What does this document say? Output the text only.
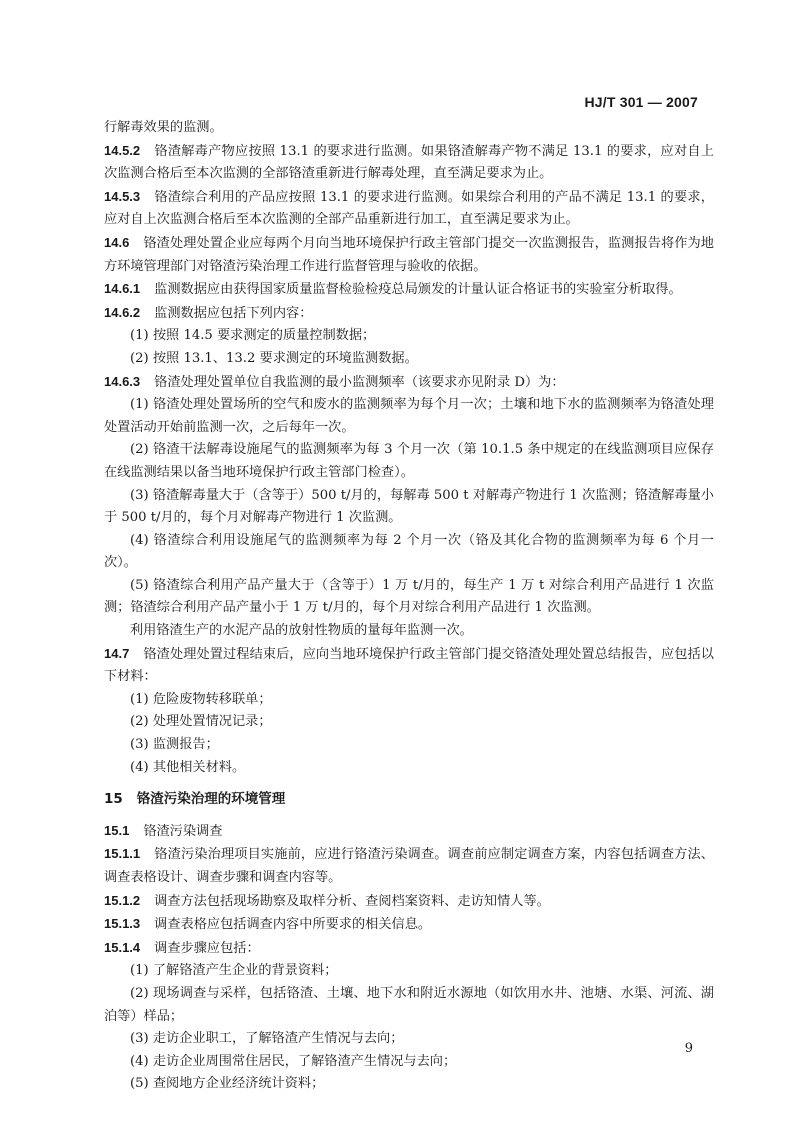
HJ/T 301 — 2007

行解毒效果的监测。

14.5.2 铬渣解毒产物应按照 13.1 的要求进行监测。如果铬渣解毒产物不满足 13.1 的要求，应对自上次监测合格后至本次监测的全部铬渣重新进行解毒处理，直至满足要求为止。

14.5.3 铬渣综合利用的产品应按照 13.1 的要求进行监测。如果综合利用的产品不满足 13.1 的要求，应对自上次监测合格后至本次监测的全部产品重新进行加工，直至满足要求为止。

14.6 铬渣处理处置企业应每两个月向当地环境保护行政主管部门提交一次监测报告，监测报告将作为地方环境管理部门对铬渣污染治理工作进行监督管理与验收的依据。

14.6.1 监测数据应由获得国家质量监督检验检疫总局颁发的计量认证合格证书的实验室分析取得。

14.6.2 监测数据应包括下列内容：

(1) 按照 14.5 要求测定的质量控制数据；

(2) 按照 13.1、13.2 要求测定的环境监测数据。

14.6.3 铬渣处理处置单位自我监测的最小监测频率（该要求亦见附录 D）为：

(1) 铬渣处理处置场所的空气和废水的监测频率为每个月一次；土壤和地下水的监测频率为铬渣处理处置活动开始前监测一次，之后每年一次。

(2) 铬渣干法解毒设施尾气的监测频率为每 3 个月一次（第 10.1.5 条中规定的在线监测项目应保存在线监测结果以备当地环境保护行政主管部门检查）。

(3) 铬渣解毒量大于（含等于）500 t/月的，每解毒 500 t 对解毒产物进行 1 次监测；铬渣解毒量小于 500 t/月的，每个月对解毒产物进行 1 次监测。

(4) 铬渣综合利用设施尾气的监测频率为每 2 个月一次（铬及其化合物的监测频率为每 6 个月一次）。

(5) 铬渣综合利用产品产量大于（含等于）1 万 t/月的，每生产 1 万 t 对综合利用产品进行 1 次监测；铬渣综合利用产品产量小于 1 万 t/月的，每个月对综合利用产品进行 1 次监测。

利用铬渣生产的水泥产品的放射性物质的量每年监测一次。

14.7 铬渣处理处置过程结束后，应向当地环境保护行政主管部门提交铬渣处理处置总结报告，应包括以下材料：

(1) 危险废物转移联单；

(2) 处理处置情况记录；

(3) 监测报告；

(4) 其他相关材料。

15 铬渣污染治理的环境管理

15.1 铬渣污染调查

15.1.1 铬渣污染治理项目实施前，应进行铬渣污染调查。调查前应制定调查方案，内容包括调查方法、调查表格设计、调查步骤和调查内容等。

15.1.2 调查方法包括现场勘察及取样分析、查阅档案资料、走访知情人等。

15.1.3 调查表格应包括调查内容中所要求的相关信息。

15.1.4 调查步骤应包括：

(1) 了解铬渣产生企业的背景资料；

(2) 现场调查与采样，包括铬渣、土壤、地下水和附近水源地（如饮用水井、池塘、水渠、河流、湖泊等）样品；

(3) 走访企业职工，了解铬渣产生情况与去向；

(4) 走访企业周围常住居民，了解铬渣产生情况与去向；

(5) 查阅地方企业经济统计资料；

9
